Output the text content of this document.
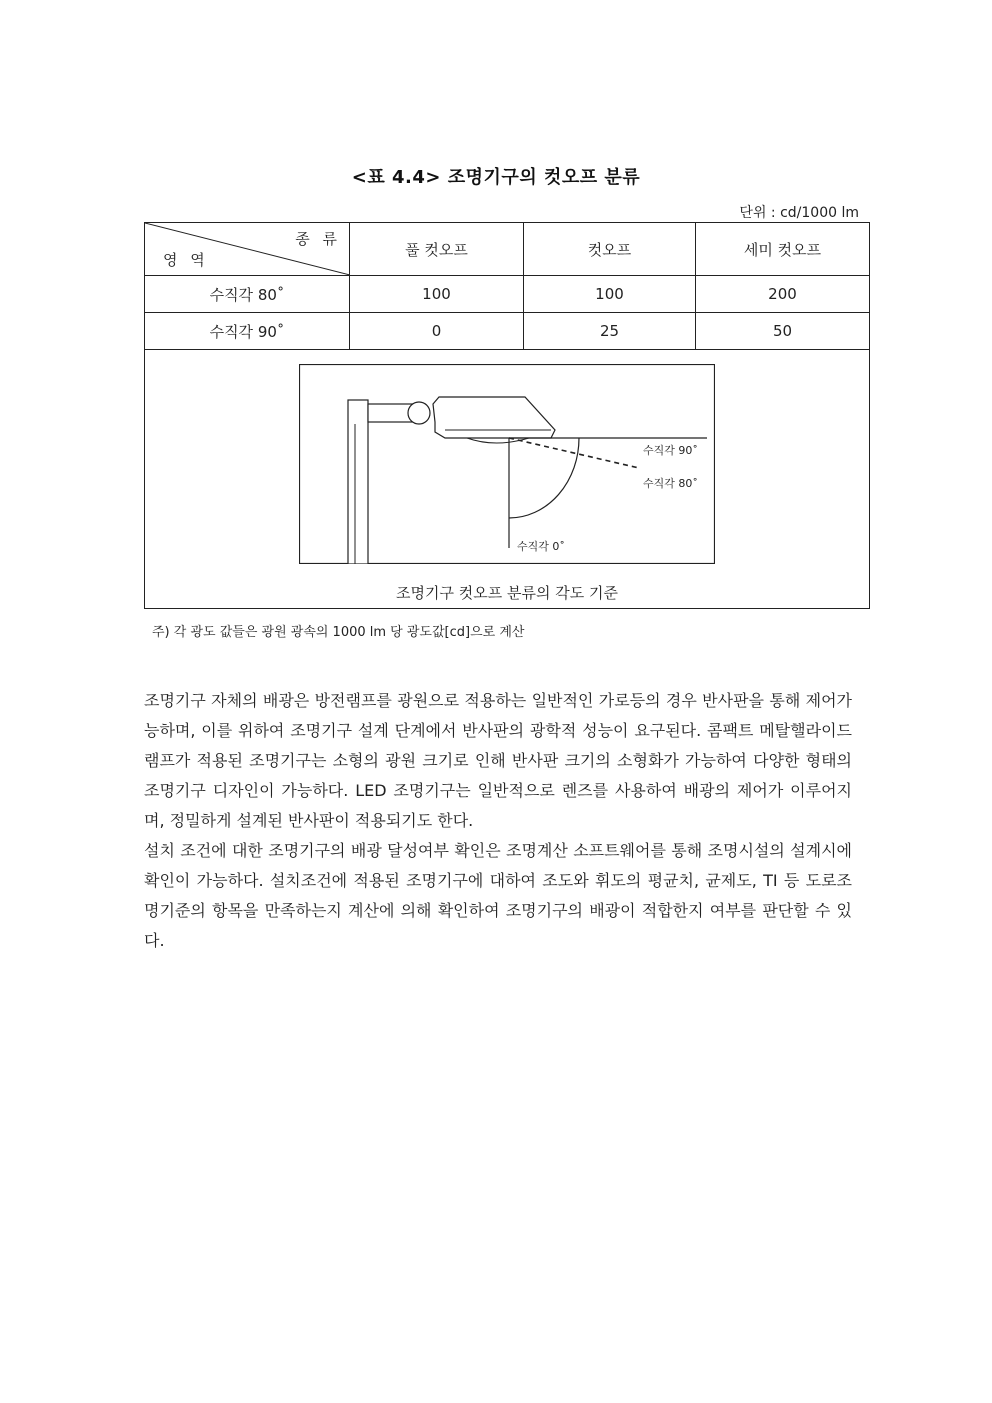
<표 4.4> 조명기구의 컷오프 분류
단위 : cd/1000 lm
종 류
영 역	풀 컷오프	컷오프	세미 컷오프
수직각 80˚	100	100	200
수직각 90˚	0	25	50

수직각 90˚
수직각 80˚
수직각 0˚
조명기구 컷오프 분류의 각도 기준			
주) 각 광도 값들은 광원 광속의 1000 lm 당 광도값[cd]으로 계산

조명기구 자체의 배광은 방전램프를 광원으로 적용하는 일반적인 가로등의 경우 반사판을 통해 제어가능하며, 이를 위하여 조명기구 설계 단계에서 반사판의 광학적 성능이 요구된다. 콤팩트 메탈핼라이드 램프가 적용된 조명기구는 소형의 광원 크기로 인해 반사판 크기의 소형화가 가능하여 다양한 형태의 조명기구 디자인이 가능하다. LED 조명기구는 일반적으로 렌즈를 사용하여 배광의 제어가 이루어지며, 정밀하게 설계된 반사판이 적용되기도 한다.

설치 조건에 대한 조명기구의 배광 달성여부 확인은 조명계산 소프트웨어를 통해 조명시설의 설계시에 확인이 가능하다. 설치조건에 적용된 조명기구에 대하여 조도와 휘도의 평균치, 균제도, TI 등 도로조명기준의 항목을 만족하는지 계산에 의해 확인하여 조명기구의 배광이 적합한지 여부를 판단할 수 있다.
